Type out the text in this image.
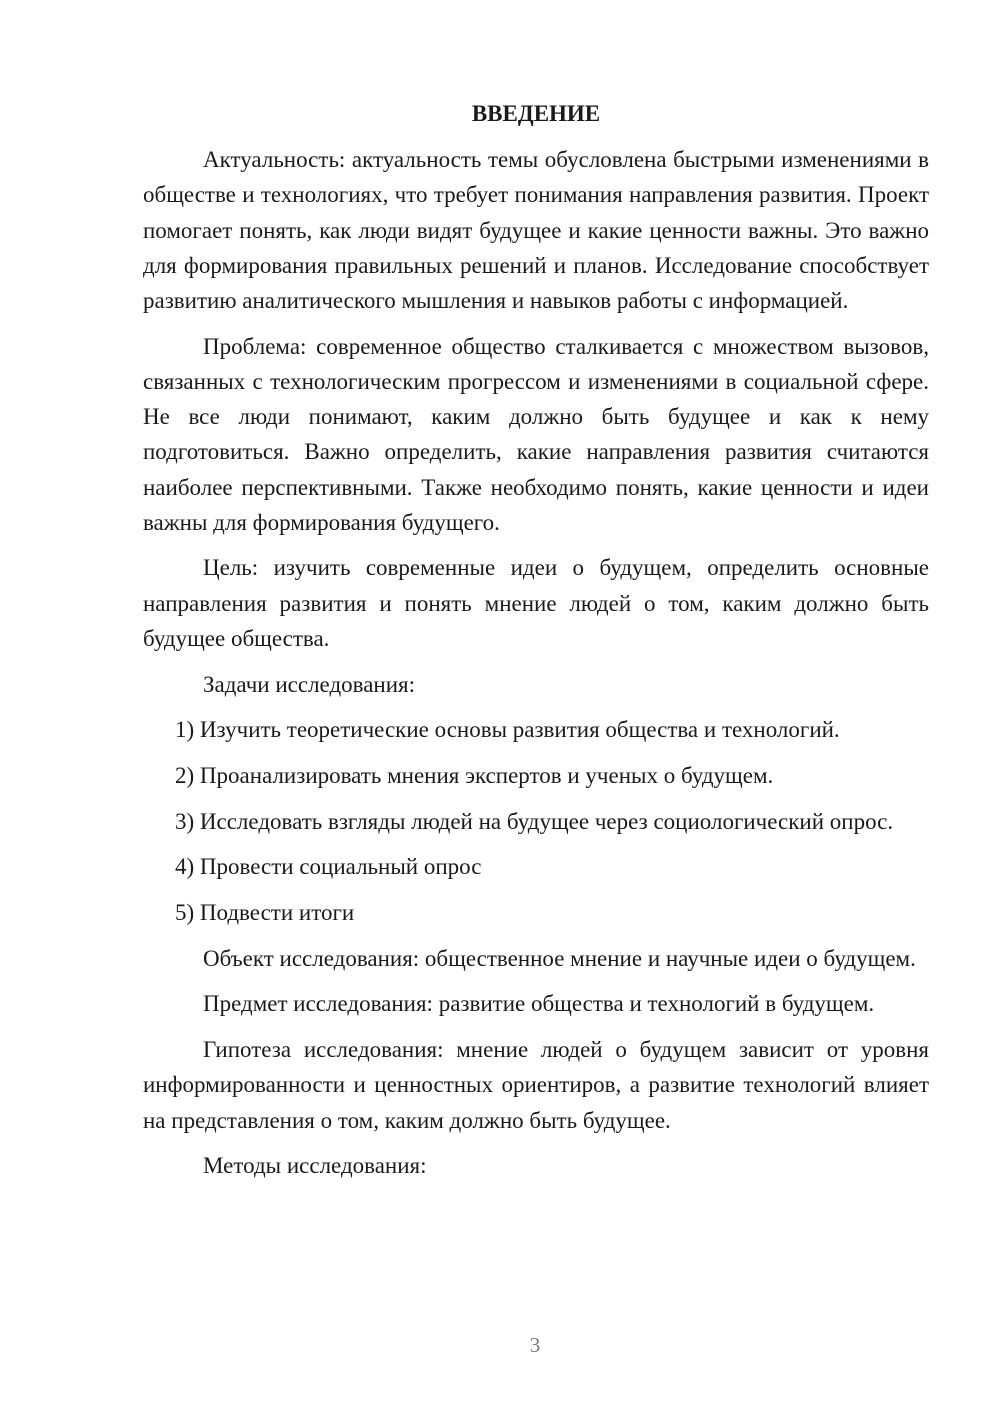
ВВЕДЕНИЕ

Актуальность: актуальность темы обусловлена быстрыми изменениями в обществе и технологиях, что требует понимания направления развития. Проект помогает понять, как люди видят будущее и какие ценности важны. Это важно для формирования правильных решений и планов. Исследование способствует развитию аналитического мышления и навыков работы с информацией.

Проблема: современное общество сталкивается с множеством вызовов, связанных с технологическим прогрессом и изменениями в социальной сфере. Не все люди понимают, каким должно быть будущее и как к нему подготовиться. Важно определить, какие направления развития считаются наиболее перспективными. Также необходимо понять, какие ценности и идеи важны для формирования будущего.

Цель: изучить современные идеи о будущем, определить основные направления развития и понять мнение людей о том, каким должно быть будущее общества.

Задачи исследования:

1) Изучить теоретические основы развития общества и технологий.

2) Проанализировать мнения экспертов и ученых о будущем.

3) Исследовать взгляды людей на будущее через социологический опрос.

4) Провести социальный опрос

5) Подвести итоги

Объект исследования: общественное мнение и научные идеи о будущем.

Предмет исследования: развитие общества и технологий в будущем.

Гипотеза исследования: мнение людей о будущем зависит от уровня информированности и ценностных ориентиров, а развитие технологий влияет на представления о том, каким должно быть будущее.

Методы исследования:

3
